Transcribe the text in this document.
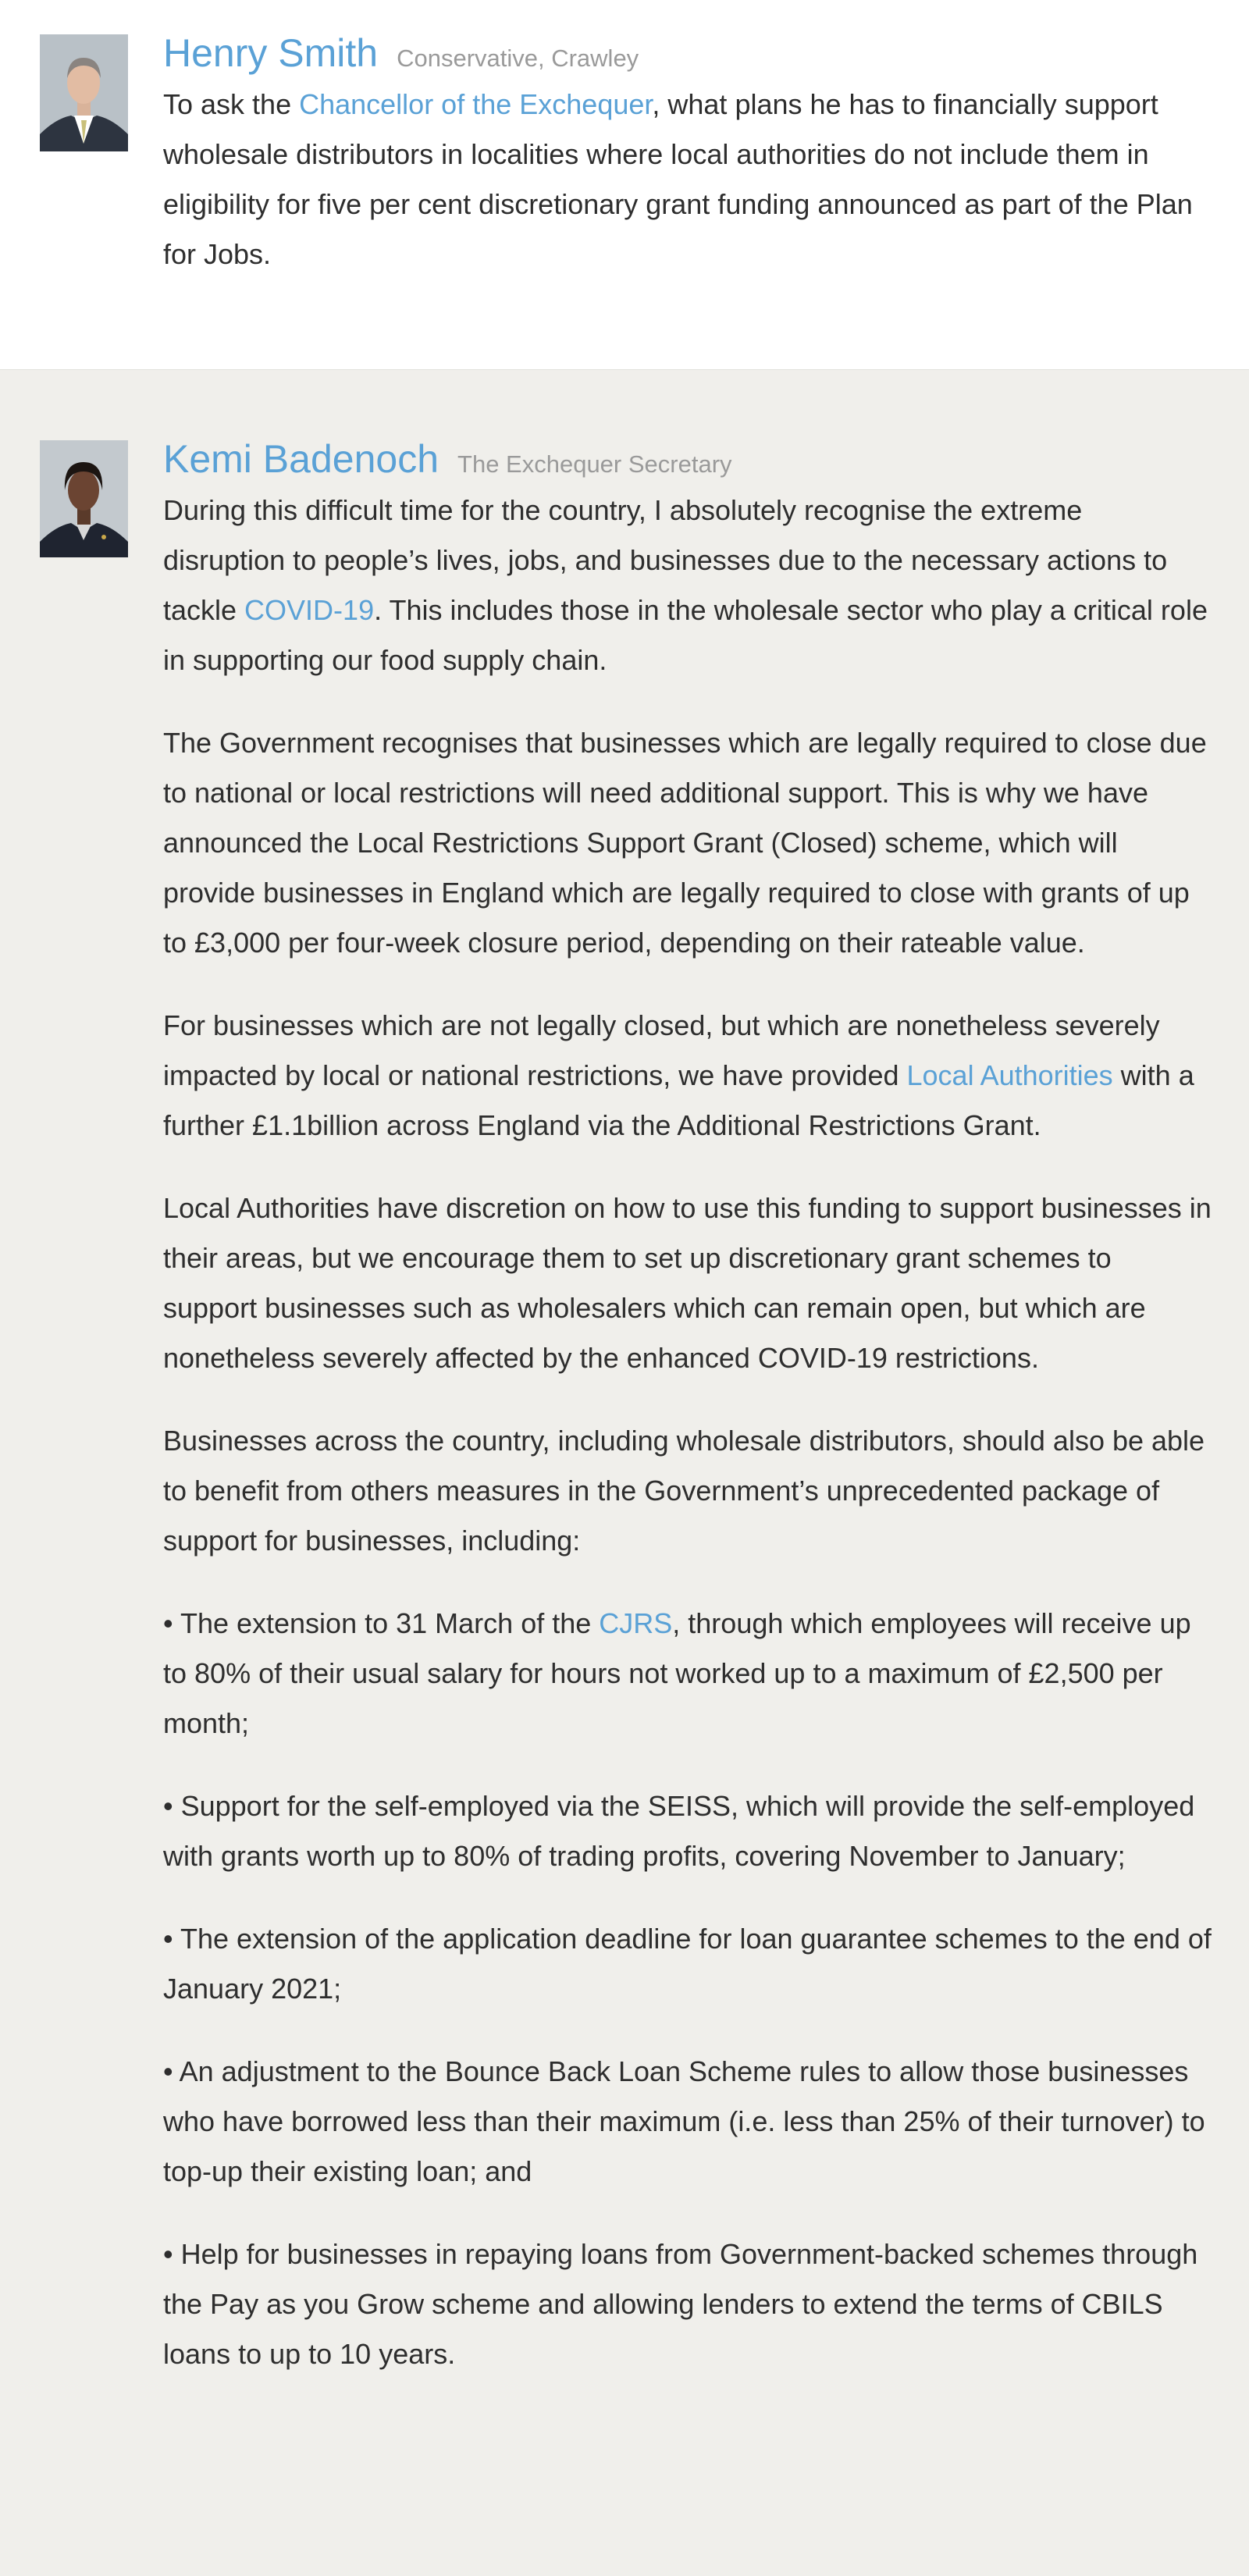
Henry Smith Conservative, Crawley

To ask the Chancellor of the Exchequer, what plans he has to financially support wholesale distributors in localities where local authorities do not include them in eligibility for five per cent discretionary grant funding announced as part of the Plan for Jobs.

Kemi Badenoch The Exchequer Secretary

During this difficult time for the country, I absolutely recognise the extreme disruption to people’s lives, jobs, and businesses due to the necessary actions to tackle COVID-19. This includes those in the wholesale sector who play a critical role in supporting our food supply chain.

The Government recognises that businesses which are legally required to close due to national or local restrictions will need additional support. This is why we have announced the Local Restrictions Support Grant (Closed) scheme, which will provide businesses in England which are legally required to close with grants of up to £3,000 per four-week closure period, depending on their rateable value.

For businesses which are not legally closed, but which are nonetheless severely impacted by local or national restrictions, we have provided Local Authorities with a further £1.1billion across England via the Additional Restrictions Grant.

Local Authorities have discretion on how to use this funding to support businesses in their areas, but we encourage them to set up discretionary grant schemes to support businesses such as wholesalers which can remain open, but which are nonetheless severely affected by the enhanced COVID-19 restrictions.

Businesses across the country, including wholesale distributors, should also be able to benefit from others measures in the Government’s unprecedented package of support for businesses, including:

• The extension to 31 March of the CJRS, through which employees will receive up to 80% of their usual salary for hours not worked up to a maximum of £2,500 per month;

• Support for the self-employed via the SEISS, which will provide the self-employed with grants worth up to 80% of trading profits, covering November to January;

• The extension of the application deadline for loan guarantee schemes to the end of January 2021;

• An adjustment to the Bounce Back Loan Scheme rules to allow those businesses who have borrowed less than their maximum (i.e. less than 25% of their turnover) to top-up their existing loan; and

• Help for businesses in repaying loans from Government-backed schemes through the Pay as you Grow scheme and allowing lenders to extend the terms of CBILS loans to up to 10 years.
